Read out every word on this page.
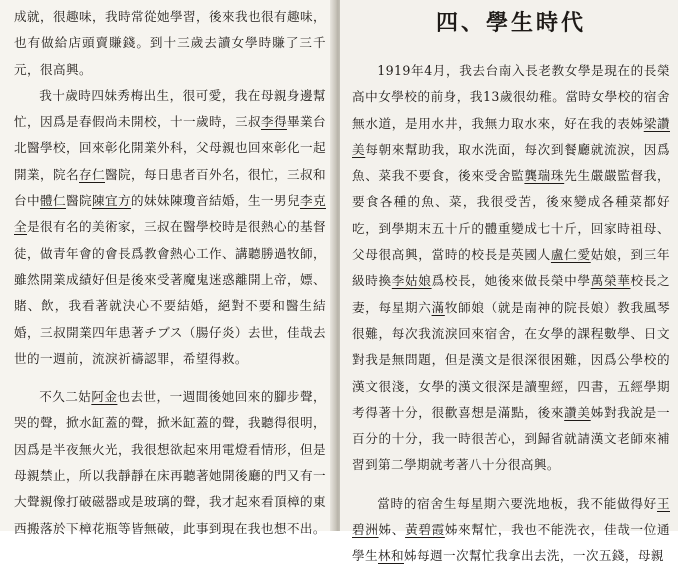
成就，很趣味，我時常從她學習，後來我也很有趣味，也有做給店頭賣賺錢。到十三歲去讀女學時賺了三千元，很高興。

我十歲時四妹秀梅出生，很可愛，我在母親身邊幫忙，因爲是春假尚未開校，十一歲時，三叔李得畢業台北醫學校，回來彰化開業外科，父母親也回來彰化一起開業，院名存仁醫院，每日患者百外名，很忙，三叔和台中體仁醫院陳宜方的妹妹陳瓊音結婚，生一男兒李克全是很有名的美術家，三叔在醫學校時是很熱心的基督徒，做青年會的會長爲教會熱心工作、講聽勝過牧師，雖然開業成績好但是後來受著魔鬼迷惑離開上帝，嫖、賭、飲，我看著就決心不要結婚，絕對不要和醫生結婚，三叔開業四年患著チブス（腸仔炎）去世，佳哉去世的一週前，流淚祈禱認罪，希望得救。

不久二姑阿金也去世，一週間後她回來的腳步聲，哭的聲，掀水缸蓋的聲，掀米缸蓋的聲，我聽得很明，因爲是半夜無火光，我很想欲起來用電燈看情形，但是母親禁止，所以我靜靜在床再聽著她開後廳的門又有一大聲親像打破磁器或是玻璃的聲，我才起來看頂樟的東西搬落於下樟花瓶等皆無破，此事到現在我也想不出。

四、學生時代

1919年4月，我去台南入長老教女學是現在的長榮高中女學校的前身，我13歲很幼稚。當時女學校的宿舍無水道，是用水井，我無力取水來，好在我的表姊梁讚美每朝來幫助我，取水洗面，每次到餐廳就流淚，因爲魚、菜我不要食，後來受舍監龔瑞珠先生嚴嚴監督我，要食各種的魚、菜，我很受苦，後來變成各種菜都好吃，到學期末五十斤的體重變成七十斤，回家時祖母、父母很高興，當時的校長是英國人盧仁愛姑娘，到三年級時換李姑娘爲校長，她後來做長榮中學萬榮華校長之妻，每星期六滿牧師娘（就是南神的院長娘）教我風琴很難，每次我流淚回來宿舍，在女學的課程數學、日文對我是無問題，但是漢文是很深很困難，因爲公學校的漢文很淺，女學的漢文很深是讀聖經，四書，五經學期考得著十分，很歡喜想是滿點，後來讚美姊對我說是一百分的十分，我一時很苦心，到歸省就請漢文老師來補習到第二學期就考著八十分很高興。

當時的宿舍生每星期六要洗地板，我不能做得好王碧洲姊、黃碧霞姊來幫忙，我也不能洗衣，佳哉一位通學生林和姊每週一次幫忙我拿出去洗，一次五錢，母親
